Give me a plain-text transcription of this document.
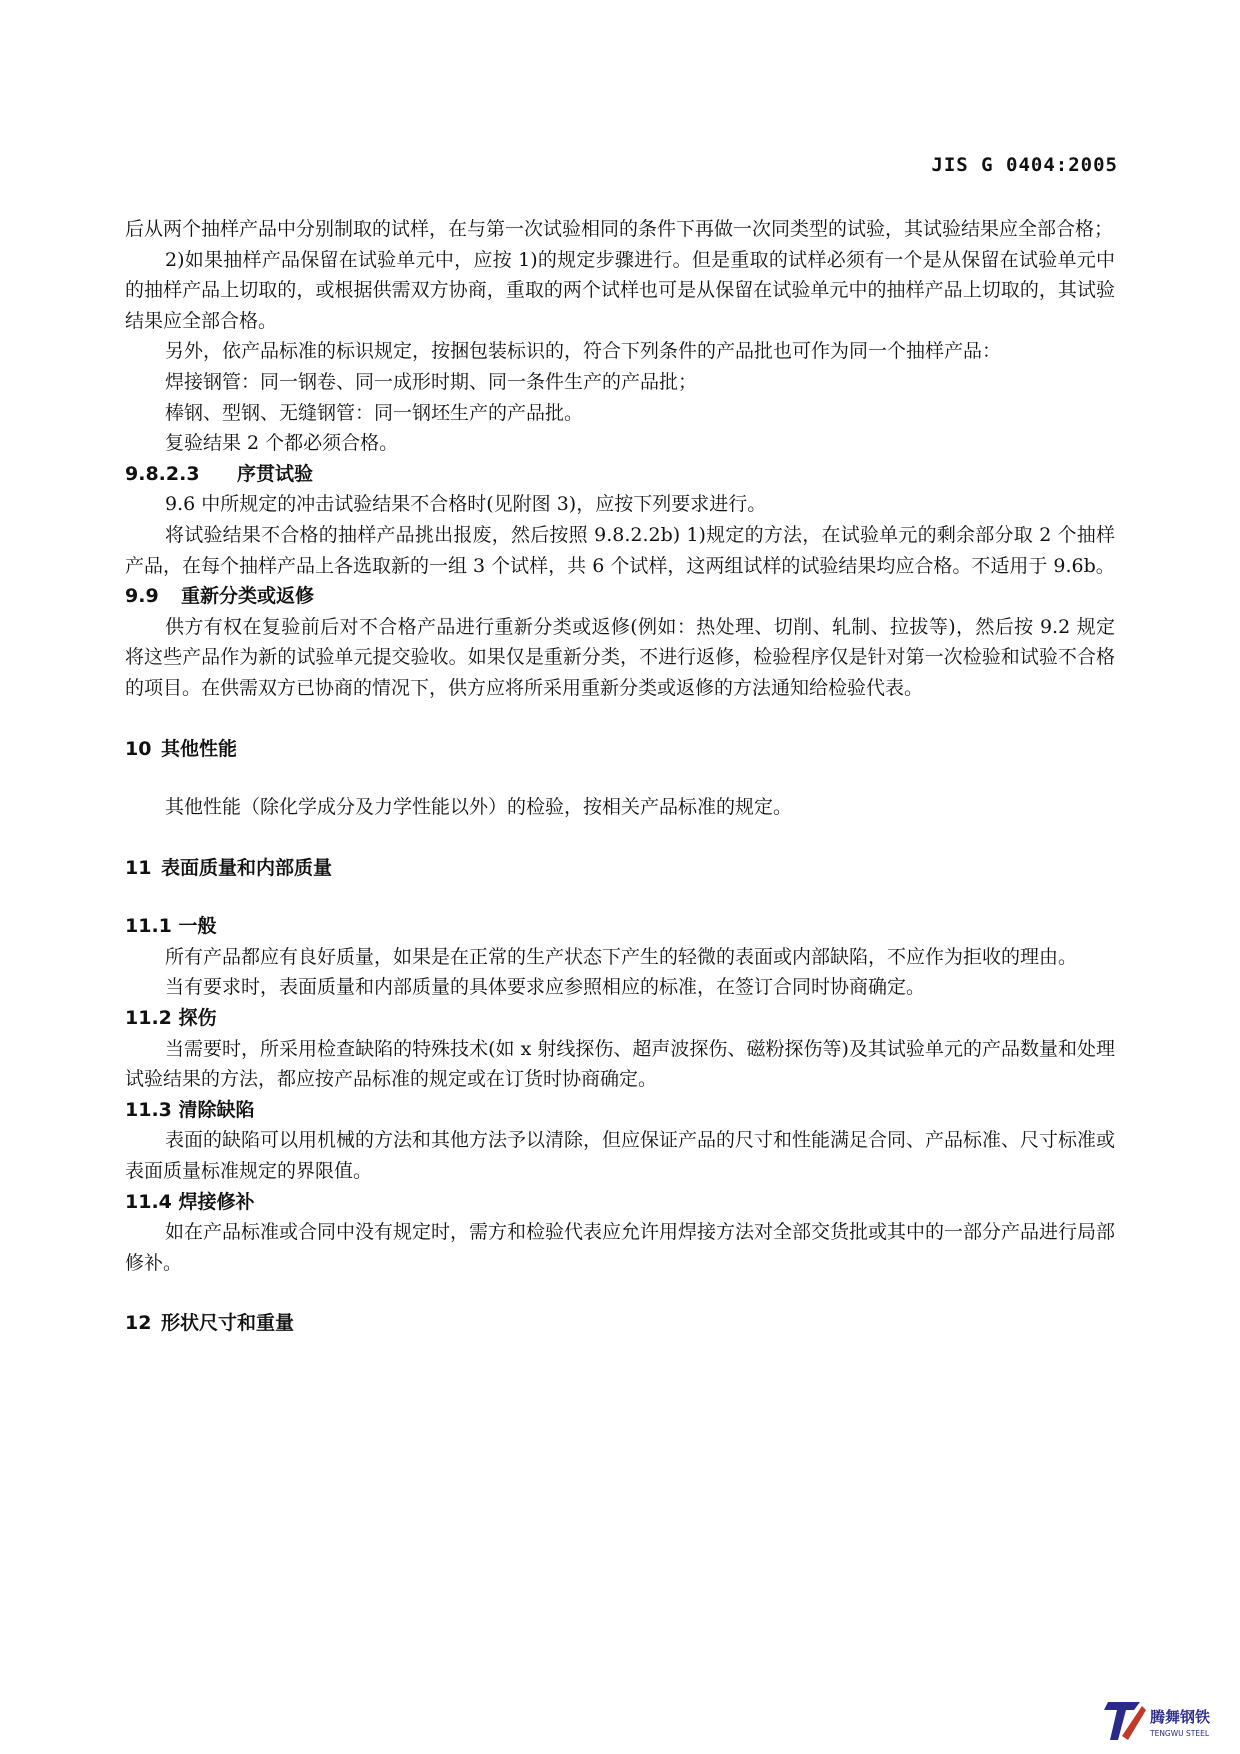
JIS G 0404:2005

后从两个抽样产品中分别制取的试样，在与第一次试验相同的条件下再做一次同类型的试验，其试验结果应全部合格；

2)如果抽样产品保留在试验单元中，应按 1)的规定步骤进行。但是重取的试样必须有一个是从保留在试验单元中的抽样产品上切取的，或根据供需双方协商，重取的两个试样也可是从保留在试验单元中的抽样产品上切取的，其试验结果应全部合格。

另外，依产品标准的标识规定，按捆包装标识的，符合下列条件的产品批也可作为同一个抽样产品：

焊接钢管：同一钢卷、同一成形时期、同一条件生产的产品批；

棒钢、型钢、无缝钢管：同一钢坯生产的产品批。

复验结果 2 个都必须合格。

9.8.2.3 序贯试验

9.6 中所规定的冲击试验结果不合格时(见附图 3)，应按下列要求进行。

将试验结果不合格的抽样产品挑出报废，然后按照 9.8.2.2b) 1)规定的方法，在试验单元的剩余部分取 2 个抽样产品，在每个抽样产品上各选取新的一组 3 个试样，共 6 个试样，这两组试样的试验结果均应合格。不适用于 9.6b。

9.9 重新分类或返修

供方有权在复验前后对不合格产品进行重新分类或返修(例如：热处理、切削、轧制、拉拔等)，然后按 9.2 规定将这些产品作为新的试验单元提交验收。如果仅是重新分类，不进行返修，检验程序仅是针对第一次检验和试验不合格的项目。在供需双方已协商的情况下，供方应将所采用重新分类或返修的方法通知给检验代表。

10 其他性能

其他性能（除化学成分及力学性能以外）的检验，按相关产品标准的规定。

11 表面质量和内部质量
11.1 一般

所有产品都应有良好质量，如果是在正常的生产状态下产生的轻微的表面或内部缺陷，不应作为拒收的理由。

当有要求时，表面质量和内部质量的具体要求应参照相应的标准，在签订合同时协商确定。

11.2 探伤

当需要时，所采用检查缺陷的特殊技术(如 x 射线探伤、超声波探伤、磁粉探伤等)及其试验单元的产品数量和处理试验结果的方法，都应按产品标准的规定或在订货时协商确定。

11.3 清除缺陷

表面的缺陷可以用机械的方法和其他方法予以清除，但应保证产品的尺寸和性能满足合同、产品标准、尺寸标准或表面质量标准规定的界限值。

11.4 焊接修补

如在产品标准或合同中没有规定时，需方和检验代表应允许用焊接方法对全部交货批或其中的一部分产品进行局部修补。

12 形状尺寸和重量
腾舞钢铁
TENGWU STEEL
